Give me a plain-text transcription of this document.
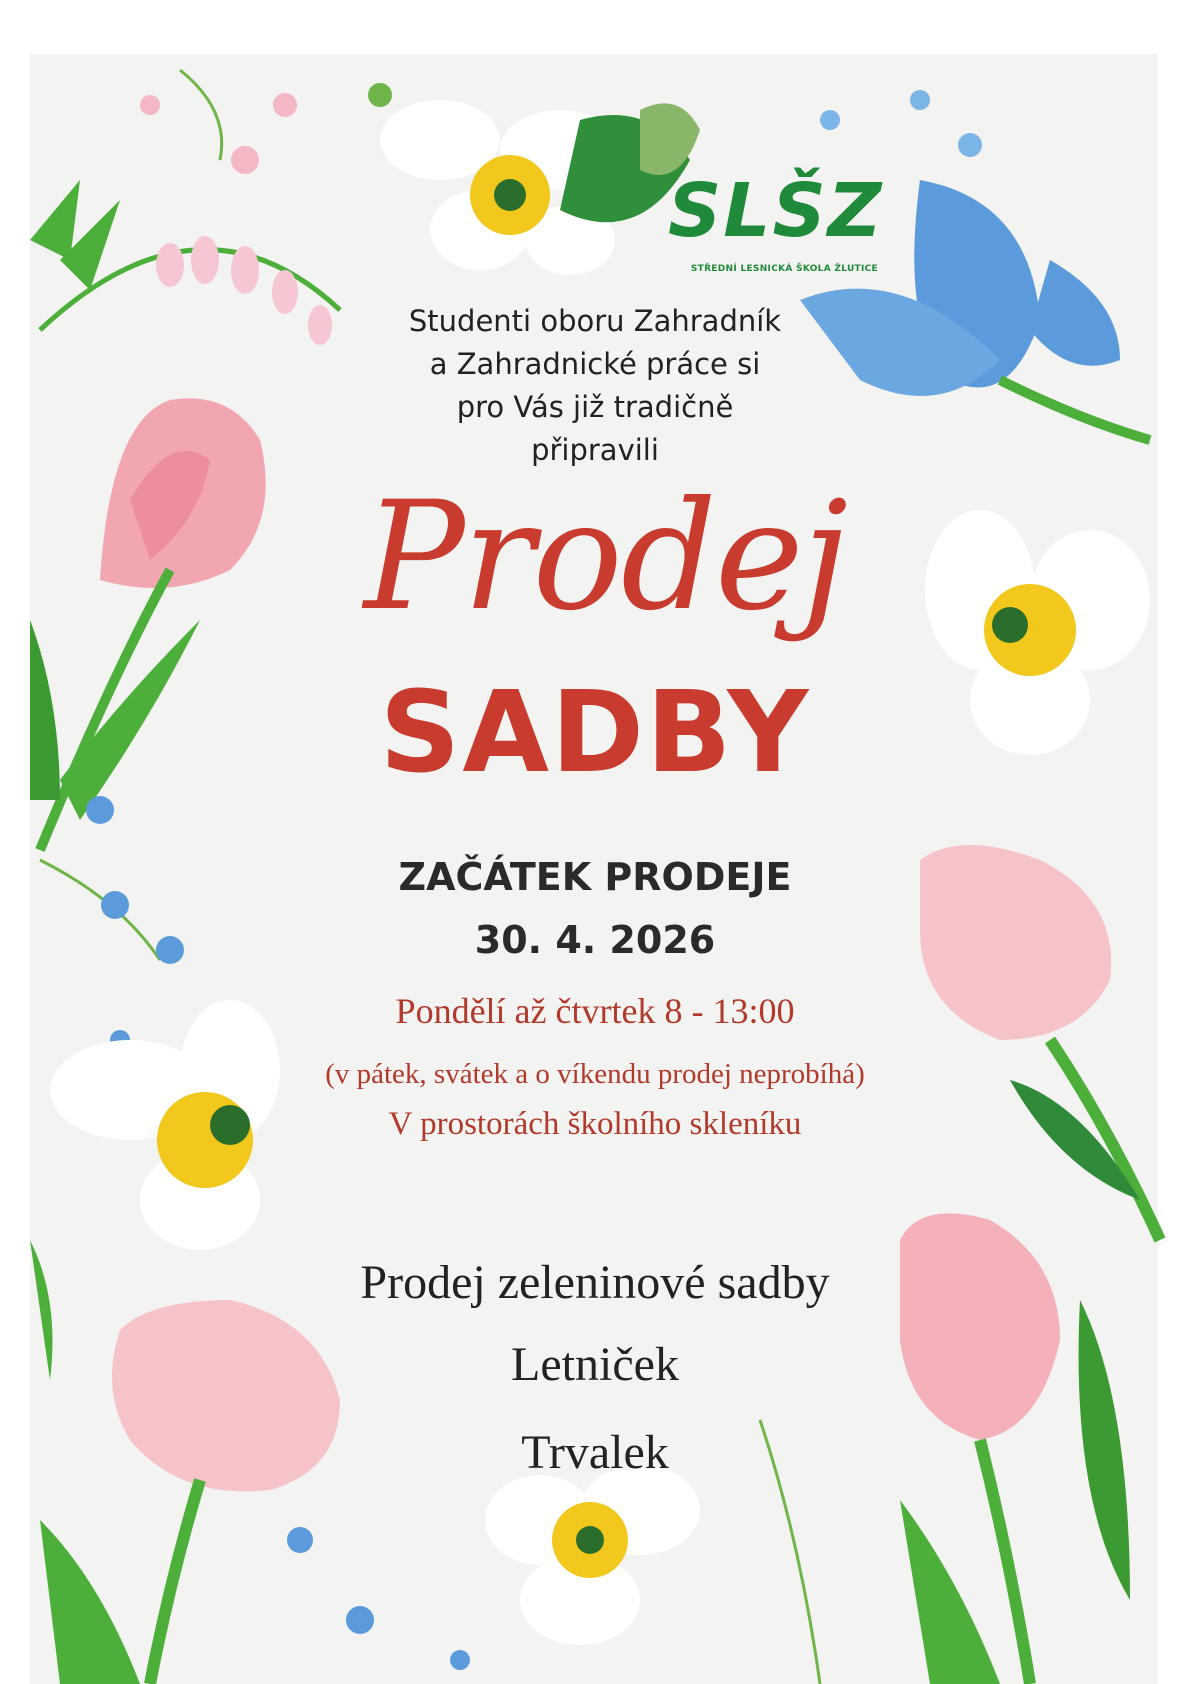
SLŠZ
STŘEDNÍ LESNICKÁ ŠKOLA ŽLUTICE
Studenti oboru Zahradník
a Zahradnické práce si
pro Vás již tradičně
připravili
Prodej
SADBY
ZAČÁTEK PRODEJE
30. 4. 2026
Pondělí až čtvrtek 8 - 13:00
(v pátek, svátek a o víkendu prodej neprobíhá)
V prostorách školního skleníku
Prodej zeleninové sadby
Letniček
Trvalek
